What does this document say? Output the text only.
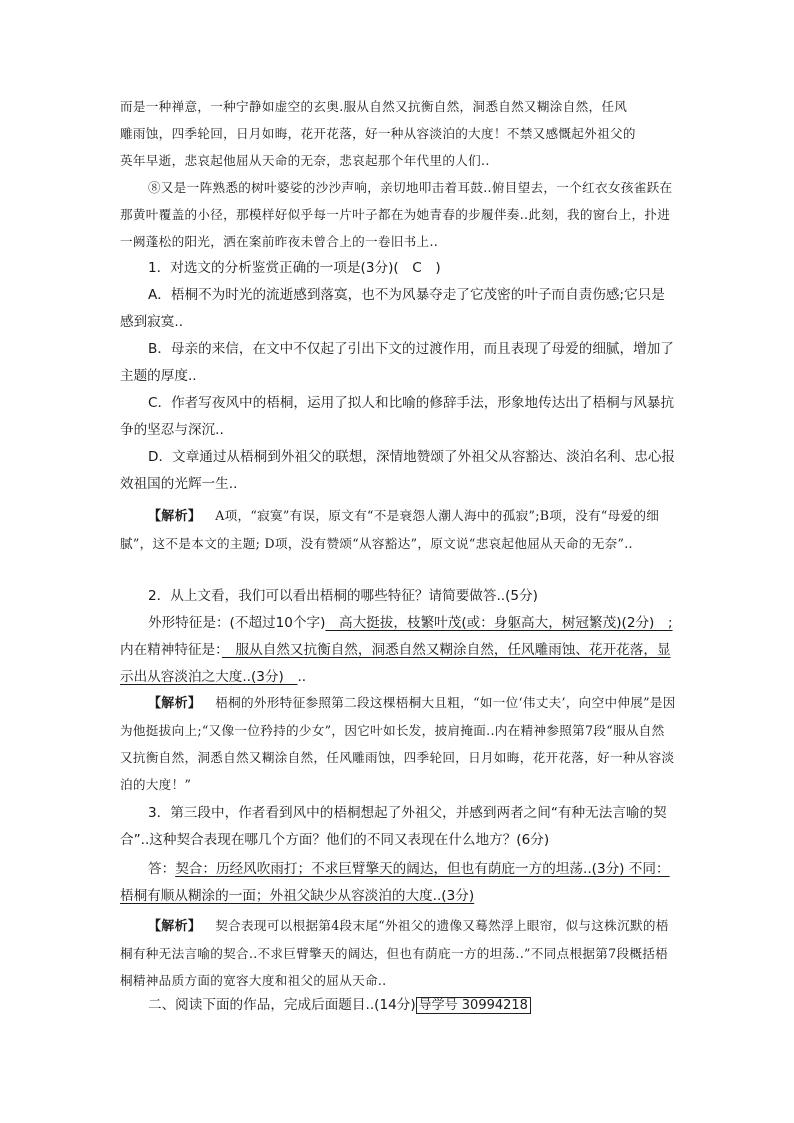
而是一种禅意，一种宁静如虚空的玄奥.服从自然又抗衡自然，洞悉自然又糊涂自然，任风

雕雨蚀，四季轮回，日月如晦，花开花落，好一种从容淡泊的大度！不禁又感慨起外祖父的

英年早逝，悲哀起他屈从天命的无奈，悲哀起那个年代里的人们..

⑧又是一阵熟悉的树叶婆娑的沙沙声响，亲切地叩击着耳鼓..俯目望去，一个红衣女孩雀跃在那黄叶覆盖的小径，那模样好似乎每一片叶子都在为她青春的步履伴奏..此刻，我的窗台上，扑进一阙蓬松的阳光，洒在案前昨夜未曾合上的一卷旧书上..

1．对选文的分析鉴赏正确的一项是(3分)(　C　)

A．梧桐不为时光的流逝感到落寞，也不为风暴夺走了它茂密的叶子而自责伤感;它只是感到寂寞..

B．母亲的来信，在文中不仅起了引出下文的过渡作用，而且表现了母爱的细腻，增加了主题的厚度..

C．作者写夜风中的梧桐，运用了拟人和比喻的修辞手法，形象地传达出了梧桐与风暴抗争的坚忍与深沉..

D．文章通过从梧桐到外祖父的联想，深情地赞颂了外祖父从容豁达、淡泊名利、忠心报效祖国的光辉一生..

【解析】 A项，“寂寞”有误，原文有“不是衰怨人潮人海中的孤寂”;B项，没有“母爱的细腻”，这不是本文的主题; D项，没有赞颂“从容豁达”，原文说“悲哀起他屈从天命的无奈”..

2．从上文看，我们可以看出梧桐的哪些特征？请简要做答..(5分)

外形特征是：(不超过10个字)　高大挺拔，枝繁叶茂(或：身躯高大，树冠繁茂)(2分)　;

内在精神特征是：　服从自然又抗衡自然，洞悉自然又糊涂自然，任风雕雨蚀、花开花落，显示出从容淡泊之大度..(3分)　..

【解析】 梧桐的外形特征参照第二段这棵梧桐大且粗，“如一位‘伟丈夫’，向空中伸展”是因为他挺拔向上;“又像一位矜持的少女”，因它叶如长发，披肩掩面..内在精神参照第7段“服从自然又抗衡自然，洞悉自然又糊涂自然，任风雕雨蚀，四季轮回，日月如晦，花开花落，好一种从容淡泊的大度！”

3．第三段中，作者看到风中的梧桐想起了外祖父，并感到两者之间“有种无法言喻的契合”..这种契合表现在哪几个方面？他们的不同又表现在什么地方？(6分)

答：契合：历经风吹雨打；不求巨臂擎天的阔达，但也有荫庇一方的坦荡..(3分) 不同：梧桐有顺从糊涂的一面；外祖父缺少从容淡泊的大度..(3分)

【解析】 契合表现可以根据第4段末尾“外祖父的遗像又蓦然浮上眼帘，似与这株沉默的梧桐有种无法言喻的契合..不求巨臂擎天的阔达，但也有荫庇一方的坦荡..”不同点根据第7段概括梧桐精神品质方面的宽容大度和祖父的屈从天命..

二、阅读下面的作品，完成后面题目..(14分) 导学号 30994218
